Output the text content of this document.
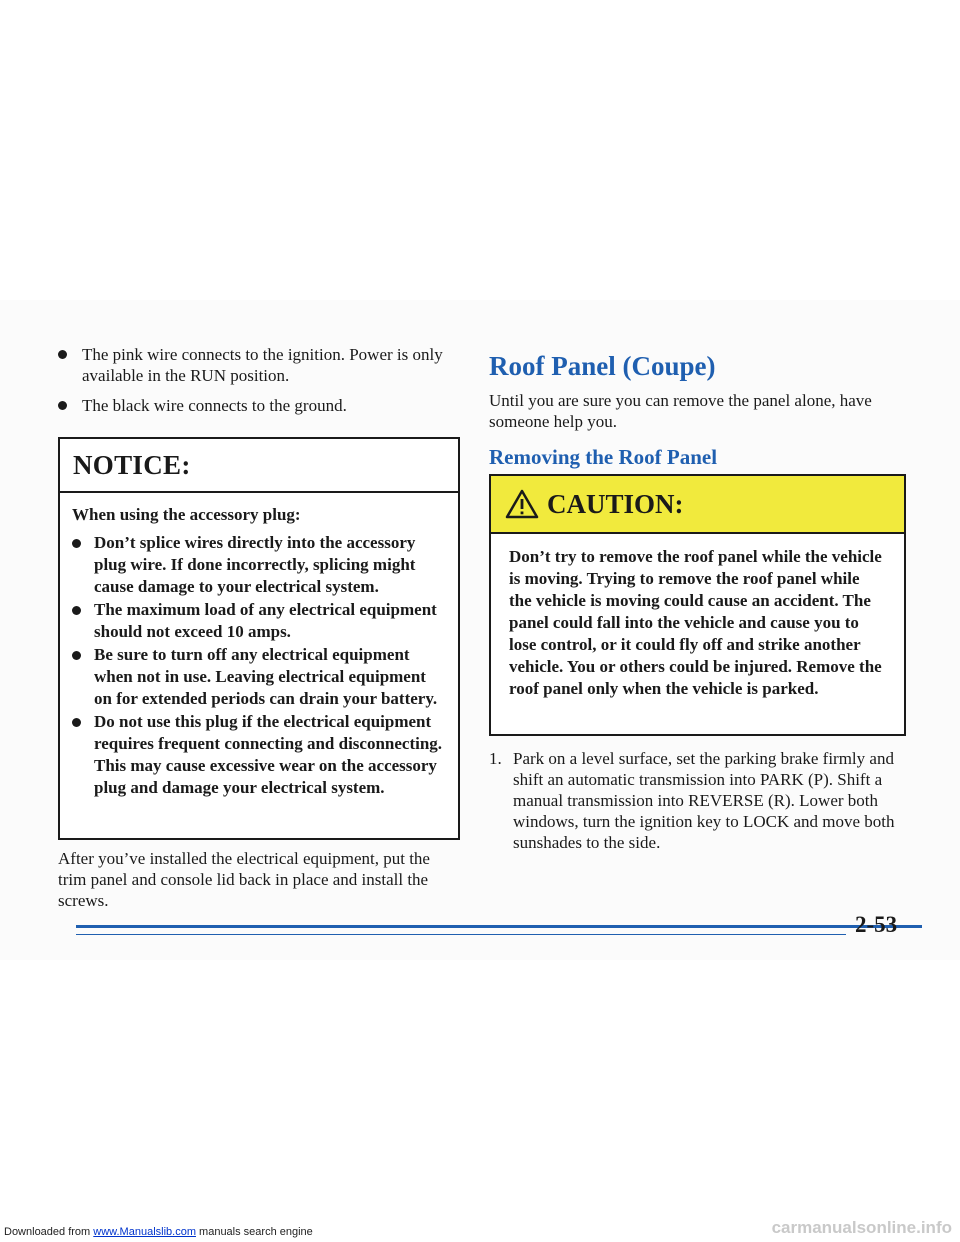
The pink wire connects to the ignition. Power is only available in the RUN position.
The black wire connects to the ground.
NOTICE:

When using the accessory plug:

Don’t splice wires directly into the accessory plug wire. If done incorrectly, splicing might cause damage to your electrical system.
The maximum load of any electrical equipment should not exceed 10 amps.
Be sure to turn off any electrical equipment when not in use. Leaving electrical equipment on for extended periods can drain your battery.
Do not use this plug if the electrical equipment requires frequent connecting and disconnecting. This may cause excessive wear on the accessory plug and damage your electrical system.

After you’ve installed the electrical equipment, put the trim panel and console lid back in place and install the screws.

Roof Panel (Coupe)

Until you are sure you can remove the panel alone, have someone help you.

Removing the Roof Panel
CAUTION:

Don’t try to remove the roof panel while the vehicle is moving. Trying to remove the roof panel while the vehicle is moving could cause an accident. The panel could fall into the vehicle and cause you to lose control, or it could fly off and strike another vehicle. You or others could be injured. Remove the roof panel only when the vehicle is parked.

1. Park on a level surface, set the parking brake firmly and shift an automatic transmission into PARK (P). Shift a manual transmission into REVERSE (R). Lower both windows, turn the ignition key to LOCK and move both sunshades to the side.
2-53
Downloaded from www.Manualslib.com manuals search engine	carmanualsonline.info
